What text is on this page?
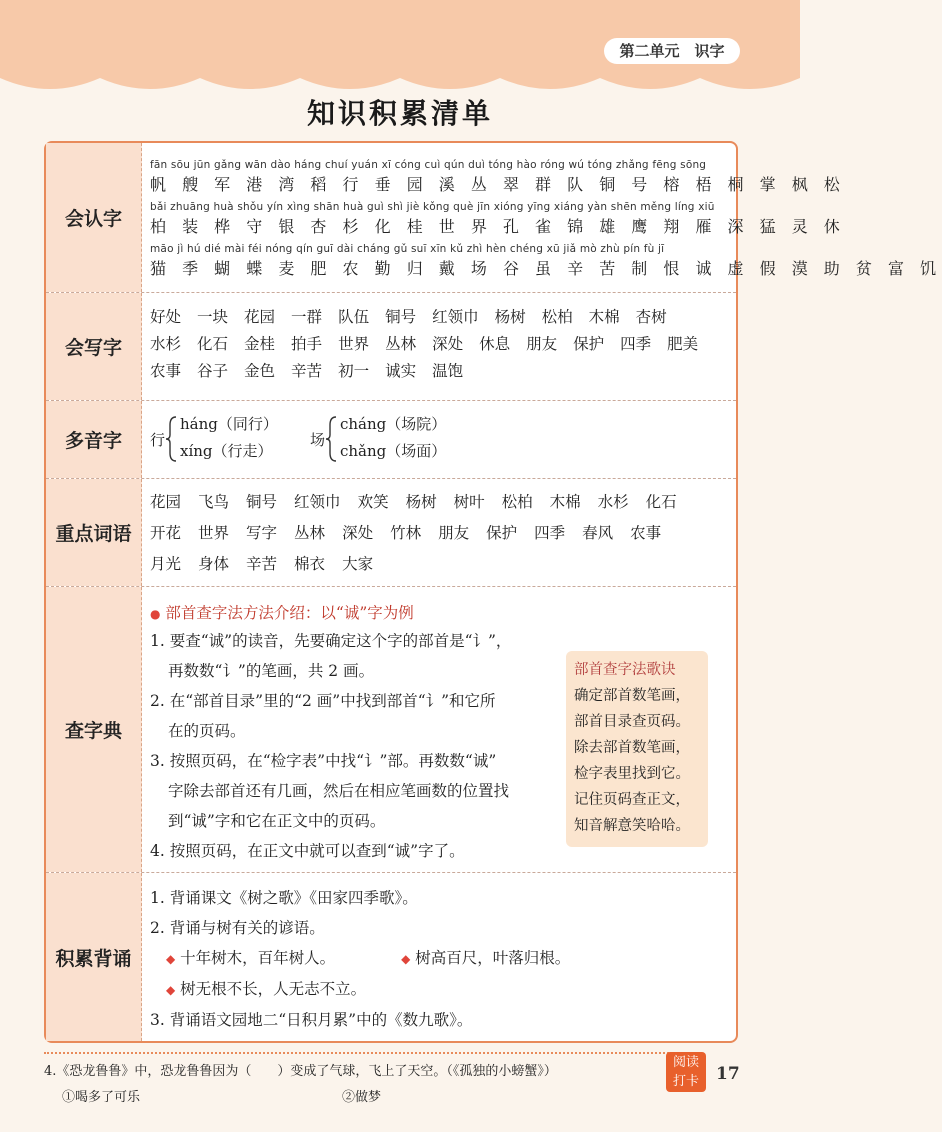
第二单元　识字
知识积累清单
会认字
fān sōu jūn gǎng wān dào háng chuí yuán xī cóng cuì qún duì tóng hào róng wú tóng zhǎng fēng sōng
帆 艘 军 港 湾 稻 行 垂 园 溪 丛 翠 群 队 铜 号 榕 梧 桐 掌 枫 松
bǎi zhuāng huà shǒu yín xìng shān huà guì shì jiè kǒng què jīn xióng yīng xiáng yàn shēn měng líng xiū
柏 装 桦 守 银 杏 杉 化 桂 世 界 孔 雀 锦 雄 鹰 翔 雁 深 猛 灵 休
māo jì hú dié mài féi nóng qín guī dài cháng gǔ suī xīn kǔ zhì hèn chéng xū jiǎ mò zhù pín fù jī
猫 季 蝴 蝶 麦 肥 农 勤 归 戴 场 谷 虽 辛 苦 制 恨 诚 虚 假 漠 助 贫 富 饥
会写字
好处 一块 花园 一群 队伍 铜号 红领巾 杨树 松柏 木棉 杏树
水杉 化石 金桂 拍手 世界 丛林 深处 休息 朋友 保护 四季 肥美
农事 谷子 金色 辛苦 初一 诚实 温饱
多音字	行
háng（同行）
xíng（行走）
场
cháng（场院）
chǎng（场面）
重点词语
花园 飞鸟 铜号 红领巾 欢笑 杨树 树叶 松柏 木棉 水杉 化石
开花 世界 写字 丛林 深处 竹林 朋友 保护 四季 春风 农事
月光 身体 辛苦 棉衣 大家
查字典
● 部首查字法方法介绍：以“诚”字为例
1. 要查“诚”的读音，先要确定这个字的部首是“讠”，
再数数“讠”的笔画，共 2 画。
2. 在“部首目录”里的“2 画”中找到部首“讠”和它所
在的页码。
3. 按照页码，在“检字表”中找“讠”部。再数数“诚”
字除去部首还有几画，然后在相应笔画数的位置找
到“诚”字和它在正文中的页码。
4. 按照页码，在正文中就可以查到“诚”字了。
部首查字法歌诀
确定部首数笔画，
部首目录查页码。
除去部首数笔画，
检字表里找到它。
记住页码查正文，
知音解意笑哈哈。
积累背诵
1. 背诵课文《树之歌》《田家四季歌》。
2. 背诵与树有关的谚语。
◆ 十年树木，百年树人。	◆ 树高百尺，叶落归根。
◆ 树无根不长，人无志不立。
3. 背诵语文园地二“日积月累”中的《数九歌》。
4.《恐龙鲁鲁》中，恐龙鲁鲁因为（　　）变成了气球，飞上了天空。（《孤独的小螃蟹》）
①喝多了可乐	②做梦
阅读
打卡	17
